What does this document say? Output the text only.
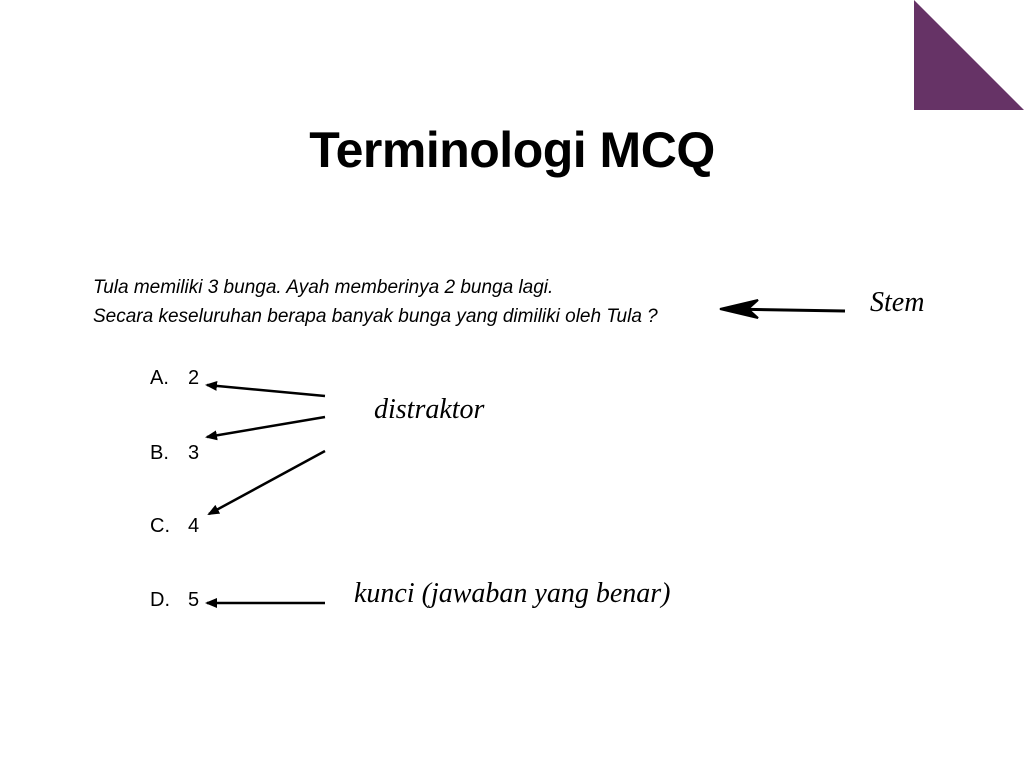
Terminologi MCQ
Tula memiliki 3 bunga. Ayah memberinya 2 bunga lagi.
Secara keseluruhan berapa banyak bunga yang dimiliki oleh Tula ?
A. 2
B. 3
C. 4
D. 5
Stem
distraktor
kunci (jawaban yang benar)
